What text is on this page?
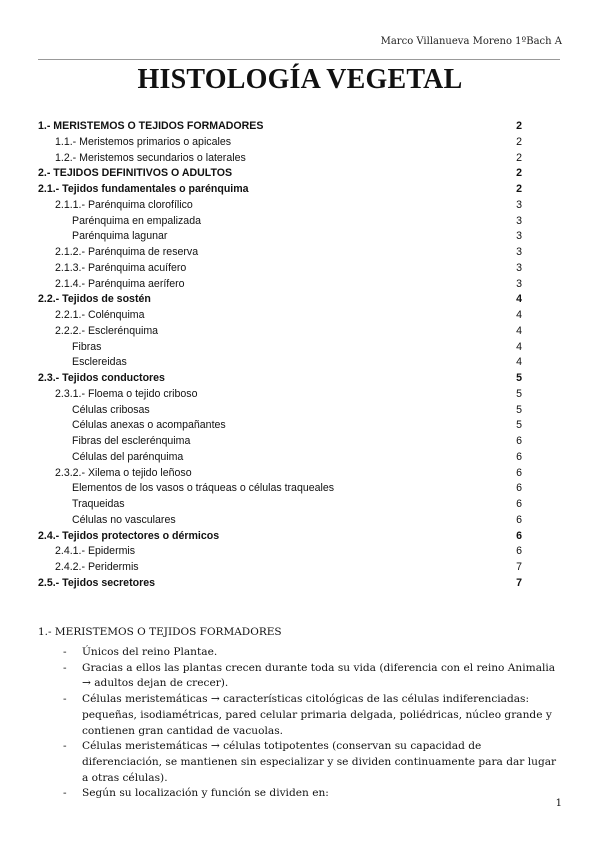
Marco Villanueva Moreno 1ºBach A
HISTOLOGÍA VEGETAL
1.- MERISTEMOS O TEJIDOS FORMADORES	2
1.1.- Meristemos primarios o apicales	2
1.2.- Meristemos secundarios o laterales	2
2.- TEJIDOS DEFINITIVOS O ADULTOS	2
2.1.- Tejidos fundamentales o parénquima	2
2.1.1.- Parénquima clorofílico	3
Parénquima en empalizada	3
Parénquima lagunar	3
2.1.2.- Parénquima de reserva	3
2.1.3.- Parénquima acuífero	3
2.1.4.- Parénquima aerífero	3
2.2.- Tejidos de sostén	4
2.2.1.- Colénquima	4
2.2.2.- Esclerénquima	4
Fibras	4
Esclereidas	4
2.3.- Tejidos conductores	5
2.3.1.- Floema o tejido criboso	5
Células cribosas	5
Células anexas o acompañantes	5
Fibras del esclerénquima	6
Células del parénquima	6
2.3.2.- Xilema o tejido leñoso	6
Elementos de los vasos o tráqueas o células traqueales	6
Traqueidas	6
Células no vasculares	6
2.4.- Tejidos protectores o dérmicos	6
2.4.1.- Epidermis	6
2.4.2.- Peridermis	7
2.5.- Tejidos secretores	7
1.- MERISTEMOS O TEJIDOS FORMADORES
- Únicos del reino Plantae.
- Gracias a ellos las plantas crecen durante toda su vida (diferencia con el reino Animalia → adultos dejan de crecer).
- Células meristemáticas → características citológicas de las células indiferenciadas: pequeñas, isodiamétricas, pared celular primaria delgada, poliédricas, núcleo grande y contienen gran cantidad de vacuolas.
- Células meristemáticas → células totipotentes (conservan su capacidad de diferenciación, se mantienen sin especializar y se dividen continuamente para dar lugar a otras células).
- Según su localización y función se dividen en:
1
